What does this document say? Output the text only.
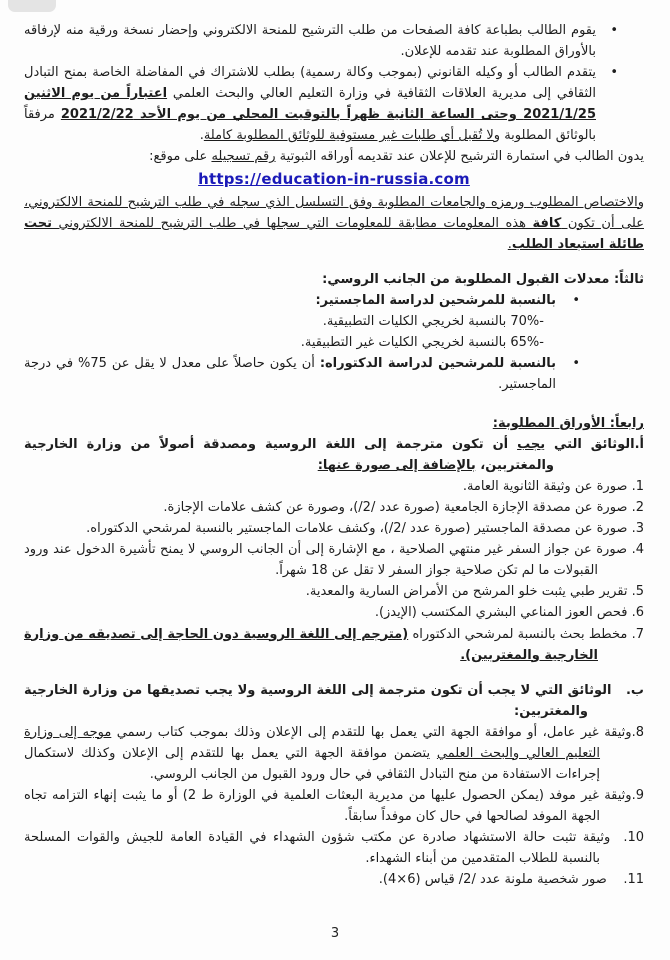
•

يقوم الطالب بطباعة كافة الصفحات من طلب الترشيح للمنحة الالكتروني وإحضار نسخة ورقية منه لإرفاقه بالأوراق المطلوبة عند تقدمه للإعلان.

•

يتقدم الطالب أو وكيله القانوني (بموجب وكالة رسمية) بطلب للاشتراك في المفاضلة الخاصة بمنح التبادل الثقافي إلى مديرية العلاقات الثقافية في وزارة التعليم العالي والبحث العلمي اعتباراً من يوم الاثنين 2021/1/25 وحتى الساعة الثانية ظهراً بالتوقيت المحلي من يوم الأحد 2021/2/22 مرفقاً بالوثائق المطلوبة ولا تُقبل أي طلبات غير مستوفية للوثائق المطلوبة كاملة.

يدون الطالب في استمارة الترشيح للإعلان عند تقديمه أوراقه الثبوتية رقم تسجيله على موقع:

https://education-in-russia.com

والاختصاص المطلوب ورمزه والجامعات المطلوبة وفق التسلسل الذي سجله في طلب الترشيح للمنحة الالكتروني، على أن تكون كافة هذه المعلومات مطابقة للمعلومات التي سجلها في طلب الترشيح للمنحة الالكتروني تحت طائلة استبعاد الطلب.

ثالثاً: معدلات القبول المطلوبة من الجانب الروسي:

•

بالنسبة للمرشحين لدراسة الماجستير:

-70% بالنسبة لخريجي الكليات التطبيقية.

-65% بالنسبة لخريجي الكليات غير التطبيقية.

•

بالنسبة للمرشحين لدراسة الدكتوراه: أن يكون حاصلاً على معدل لا يقل عن 75% في درجة الماجستير.

رابعاً: الأوراق المطلوبة:

أ.الوثائق التي يجب أن تكون مترجمة إلى اللغة الروسية ومصدقة أصولاً من وزارة الخارجية والمغتربين، بالإضافة إلى صورة عنها:

1. صورة عن وثيقة الثانوية العامة.

2. صورة عن مصدقة الإجازة الجامعية (صورة عدد /2/)، وصورة عن كشف علامات الإجازة.

3. صورة عن مصدقة الماجستير (صورة عدد /2/)، وكشف علامات الماجستير بالنسبة لمرشحي الدكتوراه.

4. صورة عن جواز السفر غير منتهي الصلاحية ، مع الإشارة إلى أن الجانب الروسي لا يمنح تأشيرة الدخول عند ورود القبولات ما لم تكن صلاحية جواز السفر لا تقل عن 18 شهراً.

5. تقرير طبي يثبت خلو المرشح من الأمراض السارية والمعدية.

6. فحص العوز المناعي البشري المكتسب (الإيدز).

7. مخطط بحث بالنسبة لمرشحي الدكتوراه (مترجم إلى اللغة الروسية دون الحاجة إلى تصديقه من وزارة الخارجية والمغتربين).

ب.   الوثائق التي لا يجب أن تكون مترجمة إلى اللغة الروسية ولا يجب تصديقها من وزارة الخارجية والمغتربين:

8.وثيقة غير عامل، أو موافقة الجهة التي يعمل بها للتقدم إلى الإعلان وذلك بموجب كتاب رسمي موجه إلى وزارة التعليم العالي والبحث العلمي يتضمن موافقة الجهة التي يعمل بها للتقدم إلى الإعلان وكذلك لاستكمال إجراءات الاستفادة من منح التبادل الثقافي في حال ورود القبول من الجانب الروسي.

9.وثيقة غير موفد (يمكن الحصول عليها من مديرية البعثات العلمية في الوزارة ط 2) أو ما يثبت إنهاء التزامه تجاه الجهة الموفد لصالحها في حال كان موفداً سابقاً.

10.  وثيقة تثبت حالة الاستشهاد صادرة عن مكتب شؤون الشهداء في القيادة العامة للجيش والقوات المسلحة بالنسبة للطلاب المتقدمين من أبناء الشهداء.

11.    صور شخصية ملونة عدد /2/ قياس (6×4).

3
